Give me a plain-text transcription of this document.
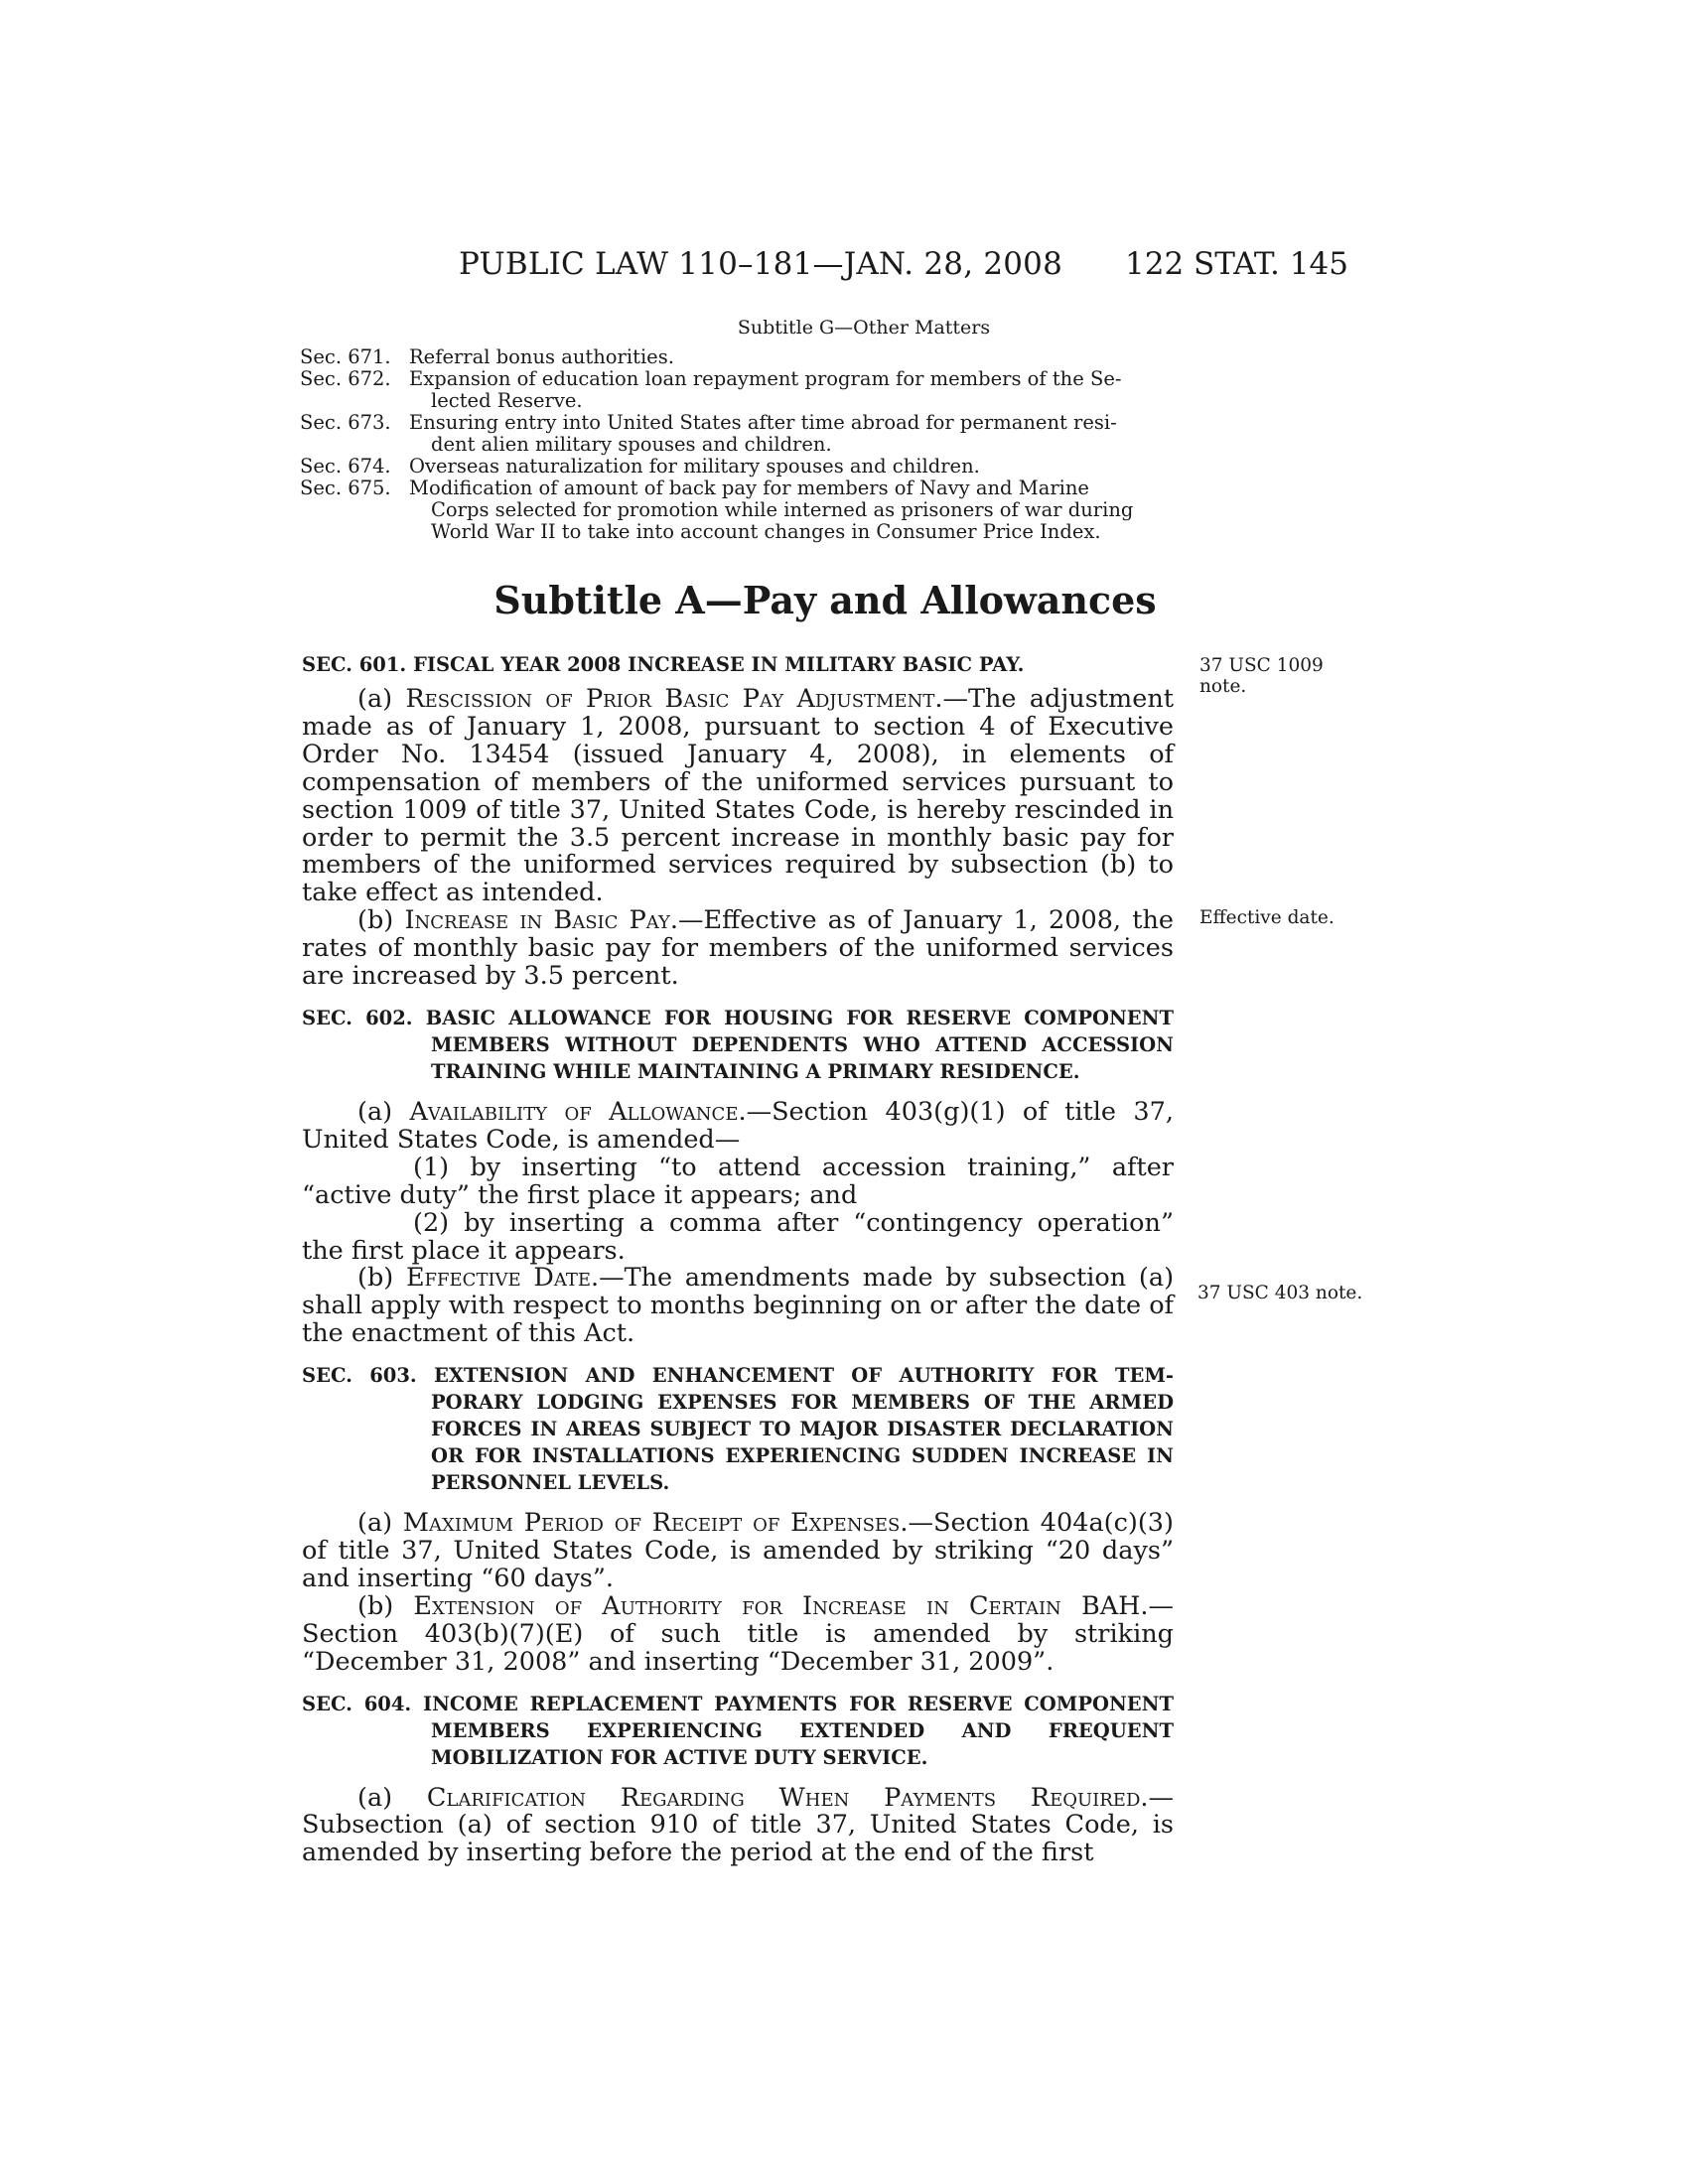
PUBLIC LAW 110–181—JAN. 28, 2008 122 STAT. 145
Subtitle G—Other Matters
Sec. 671. Referral bonus authorities.
Sec. 672. Expansion of education loan repayment program for members of the Se-
lected Reserve.
Sec. 673. Ensuring entry into United States after time abroad for permanent resi-
dent alien military spouses and children.
Sec. 674. Overseas naturalization for military spouses and children.
Sec. 675. Modification of amount of back pay for members of Navy and Marine
Corps selected for promotion while interned as prisoners of war during
World War II to take into account changes in Consumer Price Index.
Subtitle A—Pay and Allowances
37 USC 1009
note.
Effective date.
37 USC 403 note.

SEC. 601. FISCAL YEAR 2008 INCREASE IN MILITARY BASIC PAY.

(a) Rescission of Prior Basic Pay Adjustment.—The adjustment made as of January 1, 2008, pursuant to section 4 of Executive Order No. 13454 (issued January 4, 2008), in elements of compensation of members of the uniformed services pursuant to section 1009 of title 37, United States Code, is hereby rescinded in order to permit the 3.5 percent increase in monthly basic pay for members of the uniformed services required by subsection (b) to take effect as intended.

(b) Increase in Basic Pay.—Effective as of January 1, 2008, the rates of monthly basic pay for members of the uniformed services are increased by 3.5 percent.

SEC. 602. BASIC ALLOWANCE FOR HOUSING FOR RESERVE COMPONENT MEMBERS WITHOUT DEPENDENTS WHO ATTEND ACCESSION TRAINING WHILE MAINTAINING A PRIMARY RESIDENCE.

(a) Availability of Allowance.—Section 403(g)(1) of title 37, United States Code, is amended—

(1) by inserting “to attend accession training,” after “active duty” the first place it appears; and

(2) by inserting a comma after “contingency operation” the first place it appears.

(b) Effective Date.—The amendments made by subsection (a) shall apply with respect to months beginning on or after the date of the enactment of this Act.

SEC. 603. EXTENSION AND ENHANCEMENT OF AUTHORITY FOR TEMPORARY LODGING EXPENSES FOR MEMBERS OF THE ARMED FORCES IN AREAS SUBJECT TO MAJOR DISASTER DECLARATION OR FOR INSTALLATIONS EXPERIENCING SUDDEN INCREASE IN PERSONNEL LEVELS.

(a) Maximum Period of Receipt of Expenses.—Section 404a(c)(3) of title 37, United States Code, is amended by striking “20 days” and inserting “60 days”.

(b) Extension of Authority for Increase in Certain BAH.— Section 403(b)(7)(E) of such title is amended by striking “December 31, 2008” and inserting “December 31, 2009”.

SEC. 604. INCOME REPLACEMENT PAYMENTS FOR RESERVE COMPONENT MEMBERS EXPERIENCING EXTENDED AND FREQUENT MOBILIZATION FOR ACTIVE DUTY SERVICE.

(a) Clarification Regarding When Payments Required.— Subsection (a) of section 910 of title 37, United States Code, is amended by inserting before the period at the end of the first
